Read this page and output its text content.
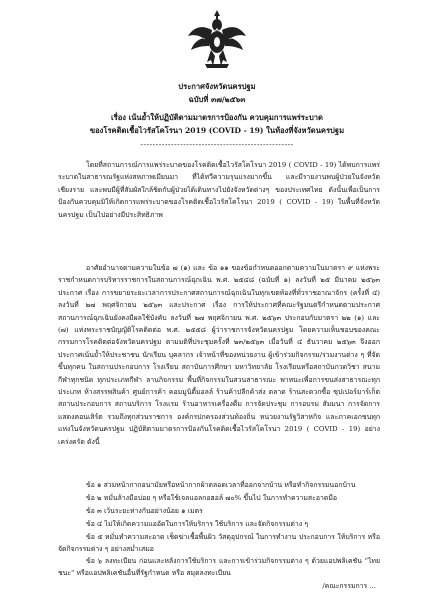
ประกาศจังหวัดนครปฐม
ฉบับที่ ๓๗/๒๕๖๓
เรื่อง เน้นย้ำให้ปฏิบัติตามมาตรการป้องกัน ควบคุมการแพร่ระบาด
ของโรคติดเชื้อไวรัสโคโรนา 2019 (COVID - 19) ในท้องที่จังหวัดนครปฐม
--------------------------------------------------

โดยที่สถานการณ์การแพร่ระบาดของโรคติดเชื้อไวรัสโคโรนา 2019 ( COVID - 19) ได้พบการแพร่ระบาดในสาธารณรัฐแห่งสหภาพเมียนมา ที่ได้ทวีความรุนแรงมากขึ้น และมีรายงานพบผู้ป่วยในจังหวัดเชียงราย และพบมีผู้ที่สัมผัสใกล้ชิดกับผู้ป่วยได้เดินทางไปยังจังหวัดต่างๆ ของประเทศไทย ดังนั้นเพื่อเป็นการป้องกันควบคุมมิให้เกิดการแพร่ระบาดของโรคติดเชื้อไวรัสโคโรนา 2019 ( COVID - 19) ในพื้นที่จังหวัดนครปฐม เป็นไปอย่างมีประสิทธิภาพ

อาศัยอำนาจตามความในข้อ ๗ (๑) และ ข้อ ๑๑ ของข้อกำหนดออกตามความในมาตรา ๙ แห่งพระราชกำหนดการบริหารราชการในสถานการณ์ฉุกเฉิน พ.ศ. ๒๕๔๘ (ฉบับที่ ๑) ลงวันที่ ๒๕ มีนาคม ๒๕๖๓ ประกาศ เรื่อง การขยายระยะเวลาการประกาศสถานการณ์ฉุกเฉินในทุกเขตท้องที่ทั่วราชอาณาจักร (ครั้งที่ ๔) ลงวันที่ ๒๗ พฤศจิกายน ๒๕๖๓ และประกาศ เรื่อง การให้ประกาศที่คณะรัฐมนตรีกำหนดตามประกาศสถานการณ์ฉุกเฉินยังคงมีผลใช้บังคับ ลงวันที่ ๒๗ พฤศจิกายน พ.ศ. ๒๕๖๓ ประกอบกับมาตรา ๒๒ (๑) และ (๗) แห่งพระราชบัญญัติโรคติดต่อ พ.ศ. ๒๕๕๘ ผู้ว่าราชการจังหวัดนครปฐม โดยความเห็นชอบของคณะกรรมการโรคติดต่อจังหวัดนครปฐม ตามมติที่ประชุมครั้งที่ ๒๓/๒๕๖๓ เมื่อวันที่ ๔ ธันวาคม ๒๕๖๓ จึงออกประกาศเน้นย้ำให้ประชาชน นักเรียน บุคลากร เจ้าหน้าที่ของหน่วยงาน ผู้เข้าร่วมกิจกรรม/ร่วมงานต่าง ๆ ที่จัดขึ้นทุกคน ในสถานประกอบการ โรงเรียน สถาบันการศึกษา มหาวิทยาลัย โรงเรียนหรือสถาบันกวดวิชา สนามกีฬาทุกชนิด ทุกประเภทกีฬา ลานกิจกรรม พื้นที่กิจกรรมในสวนสาธารณะ พาหนะเพื่อการขนส่งสาธารณะทุกประเภท ห้างสรรพสินค้า ศูนย์การค้า คอมมูนิตี้มอลล์ ร้านค้าปลีกค้าส่ง ตลาด ร้านสะดวกซื้อ ซุปเปอร์มาร์เก็ต สถานประกอบการ สถานบริการ โรงแรม ร้านอาหารเครื่องดื่ม การจัดประชุม การอบรม สัมมนา การจัดการแสดงคอนเสิร์ต รวมถึงทุกส่วนราชการ องค์กรปกครองส่วนท้องถิ่น หน่วยงานรัฐวิสาหกิจ และภาคเอกชนทุกแห่งในจังหวัดนครปฐม ปฏิบัติตามมาตรการป้องกันโรคติดเชื้อไวรัสโคโรนา 2019 ( COVID - 19) อย่างเคร่งครัด ดังนี้

ข้อ ๑ สวมหน้ากากอนามัยหรือหน้ากากผ้าตลอดเวลาที่ออกจากบ้าน หรือทำกิจกรรมนอกบ้าน

ข้อ ๒ หมั่นล้างมือบ่อย ๆ หรือใช้เจลแอลกอฮอล์ ๗๐% ขึ้นไป ในการทำความสะอาดมือ

ข้อ ๓ เว้นระยะห่างกันอย่างน้อย ๑ เมตร

ข้อ ๔ ไม่ให้เกิดความแออัดในการให้บริการ ใช้บริการ และจัดกิจกรรมต่าง ๆ

ข้อ ๕ หมั่นทำความสะอาด เช็ดฆ่าเชื้อพื้นผิว วัสดุอุปกรณ์ ในการทำงาน ประกอบการ ให้บริการ หรือจัดกิจกรรมต่าง ๆ อย่างสม่ำเสมอ

ข้อ ๖ ลงทะเบียน ก่อนและหลังการใช้บริการ และการเข้าร่วมกิจกรรมต่าง ๆ ด้วยแอปพลิเคชัน "ไทยชนะ" หรือแอปพลิเคชันอื่นที่รัฐกำหนด หรือ สมุดลงทะเบียน

/คณะกรรมการ ...
